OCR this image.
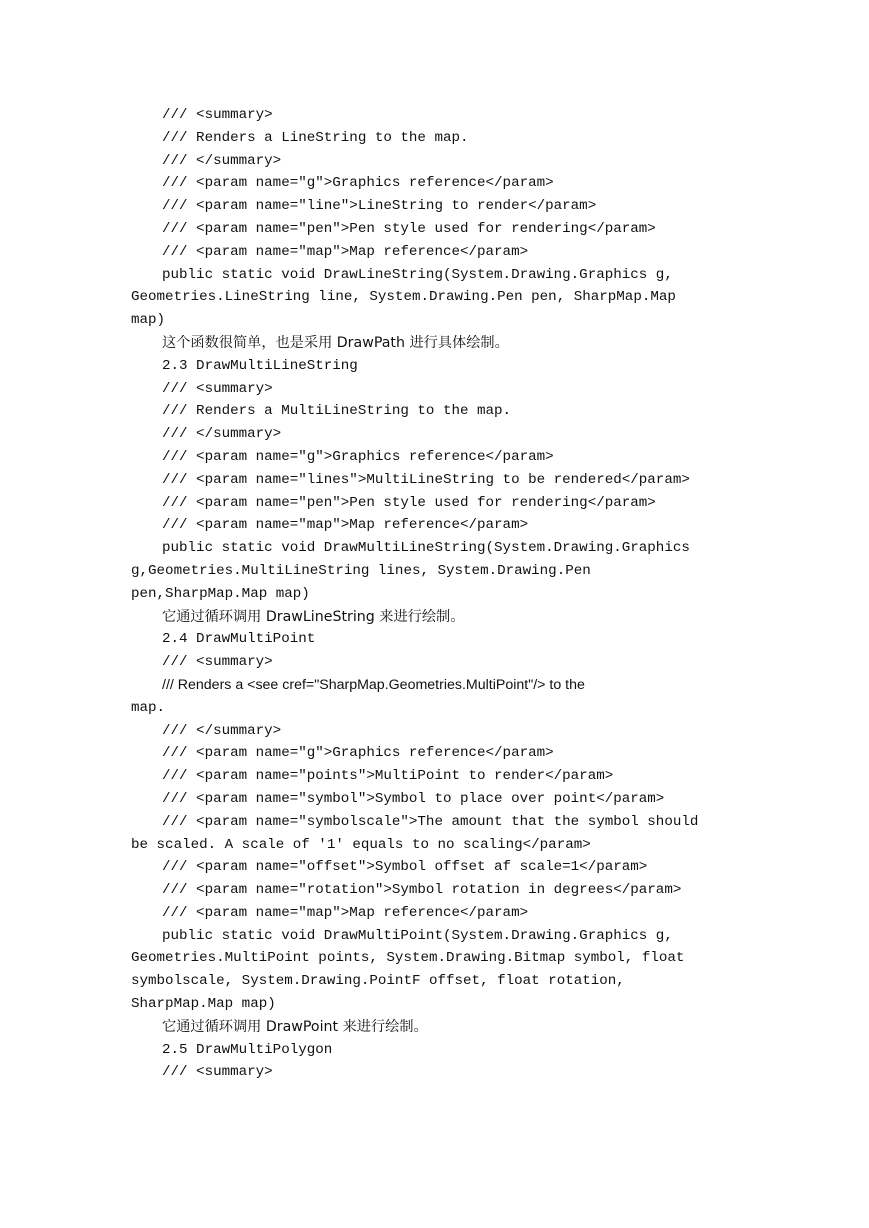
/// <summary>
/// Renders a LineString to the map.
/// </summary>
/// <param name="g">Graphics reference</param>
/// <param name="line">LineString to render</param>
/// <param name="pen">Pen style used for rendering</param>
/// <param name="map">Map reference</param>
public static void DrawLineString(System.Drawing.Graphics g,
Geometries.LineString line, System.Drawing.Pen pen, SharpMap.Map
map)
这个函数很简单，也是采用 DrawPath 进行具体绘制。
2.3 DrawMultiLineString
/// <summary>
/// Renders a MultiLineString to the map.
/// </summary>
/// <param name="g">Graphics reference</param>
/// <param name="lines">MultiLineString to be rendered</param>
/// <param name="pen">Pen style used for rendering</param>
/// <param name="map">Map reference</param>
public static void DrawMultiLineString(System.Drawing.Graphics
g,Geometries.MultiLineString lines, System.Drawing.Pen
pen,SharpMap.Map map)
它通过循环调用 DrawLineString 来进行绘制。
2.4 DrawMultiPoint
/// <summary>
/// Renders a <see cref="SharpMap.Geometries.MultiPoint"/> to the
map.
/// </summary>
/// <param name="g">Graphics reference</param>
/// <param name="points">MultiPoint to render</param>
/// <param name="symbol">Symbol to place over point</param>
/// <param name="symbolscale">The amount that the symbol should
be scaled. A scale of '1' equals to no scaling</param>
/// <param name="offset">Symbol offset af scale=1</param>
/// <param name="rotation">Symbol rotation in degrees</param>
/// <param name="map">Map reference</param>
public static void DrawMultiPoint(System.Drawing.Graphics g,
Geometries.MultiPoint points, System.Drawing.Bitmap symbol, float
symbolscale, System.Drawing.PointF offset, float rotation,
SharpMap.Map map)
它通过循环调用 DrawPoint 来进行绘制。
2.5 DrawMultiPolygon
/// <summary>
